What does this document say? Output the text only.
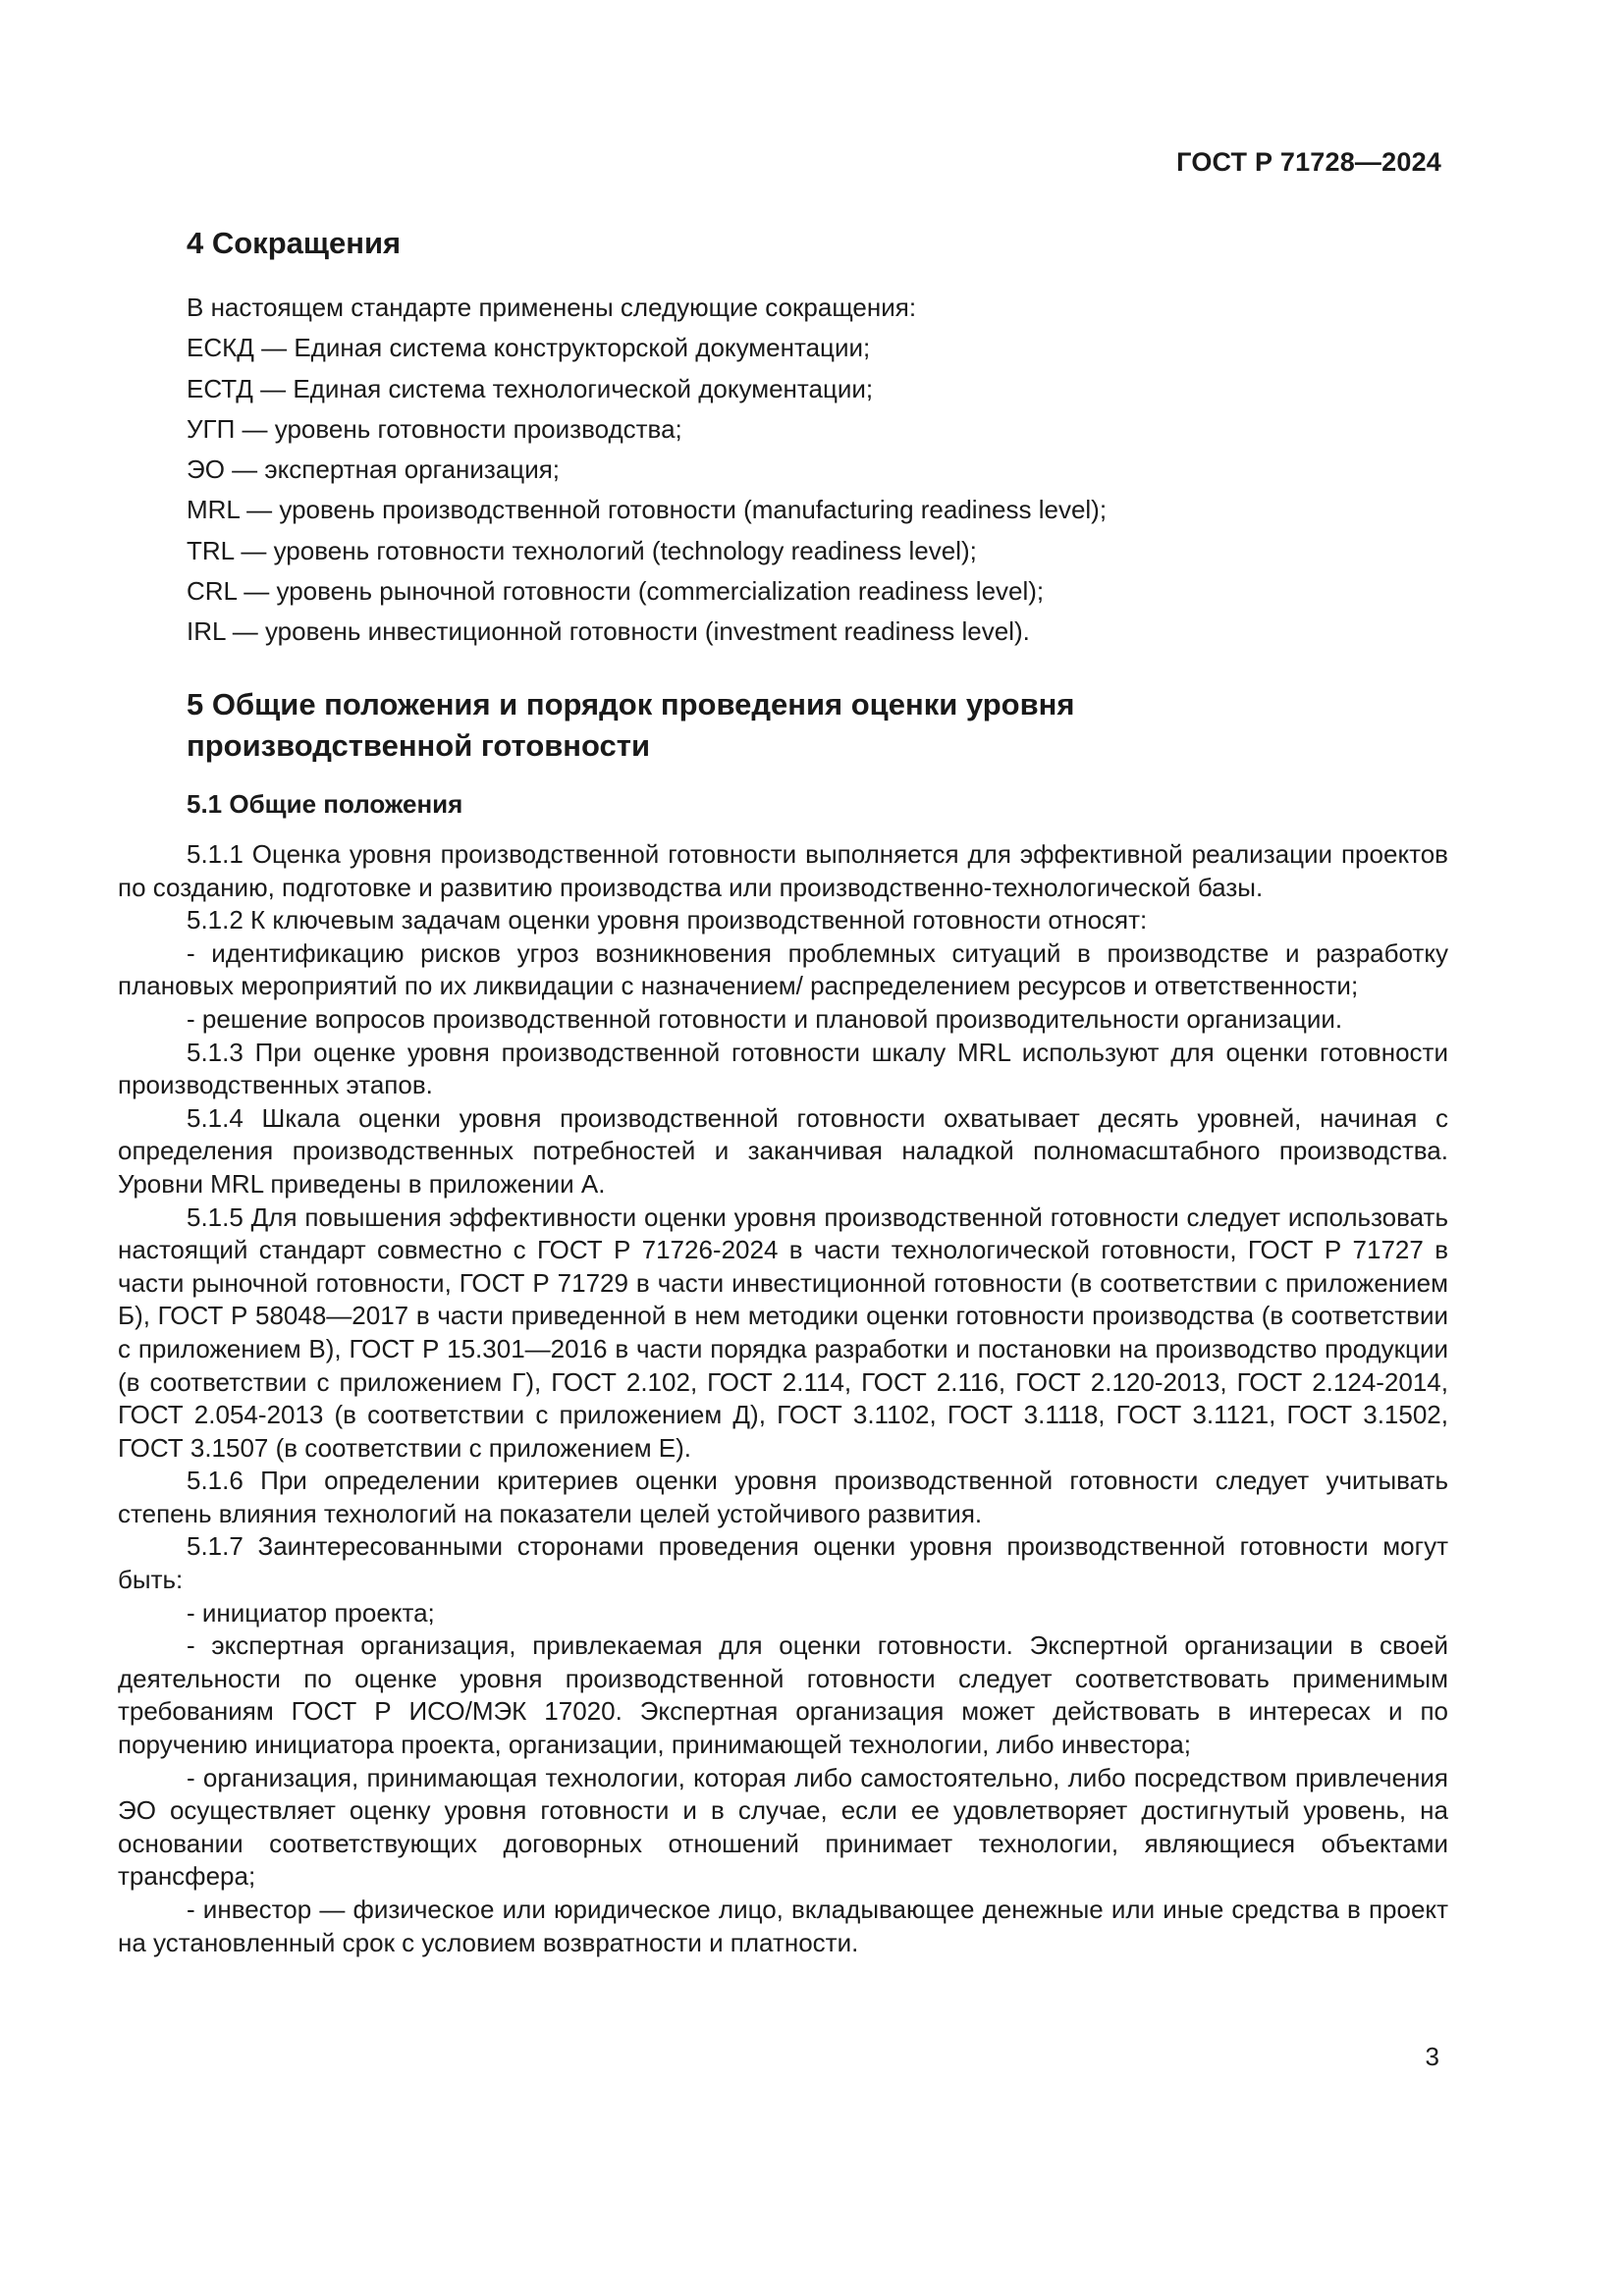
ГОСТ Р 71728—2024
4 Сокращения
В настоящем стандарте применены следующие сокращения:
ЕСКД — Единая система конструкторской документации;
ЕСТД — Единая система технологической документации;
УГП — уровень готовности производства;
ЭО — экспертная организация;
MRL — уровень производственной готовности (manufacturing readiness level);
TRL — уровень готовности технологий (technology readiness level);
CRL — уровень рыночной готовности (commercialization readiness level);
IRL — уровень инвестиционной готовности (investment readiness level).
5 Общие положения и порядок проведения оценки уровня
производственной готовности
5.1 Общие положения

5.1.1 Оценка уровня производственной готовности выполняется для эффективной реализации проектов по созданию, подготовке и развитию производства или производственно-технологической базы.

5.1.2 К ключевым задачам оценки уровня производственной готовности относят:

- идентификацию рисков угроз возникновения проблемных ситуаций в производстве и разработку плановых мероприятий по их ликвидации с назначением/ распределением ресурсов и ответственности;

- решение вопросов производственной готовности и плановой производительности организации.

5.1.3 При оценке уровня производственной готовности шкалу MRL используют для оценки готовности производственных этапов.

5.1.4 Шкала оценки уровня производственной готовности охватывает десять уровней, начиная с определения производственных потребностей и заканчивая наладкой полномасштабного производства. Уровни MRL приведены в приложении А.

5.1.5 Для повышения эффективности оценки уровня производственной готовности следует использовать настоящий стандарт совместно с ГОСТ Р 71726-2024 в части технологической готовности, ГОСТ Р 71727 в части рыночной готовности, ГОСТ Р 71729 в части инвестиционной готовности (в соответствии с приложением Б), ГОСТ Р 58048—2017 в части приведенной в нем методики оценки готовности производства (в соответствии с приложением В), ГОСТ Р 15.301—2016 в части порядка разработки и постановки на производство продукции (в соответствии с приложением Г), ГОСТ 2.102, ГОСТ 2.114, ГОСТ 2.116, ГОСТ 2.120-2013, ГОСТ 2.124-2014, ГОСТ 2.054-2013 (в соответствии с приложением Д), ГОСТ 3.1102, ГОСТ 3.1118, ГОСТ 3.1121, ГОСТ 3.1502, ГОСТ 3.1507 (в соответствии с приложением Е).

5.1.6 При определении критериев оценки уровня производственной готовности следует учитывать степень влияния технологий на показатели целей устойчивого развития.

5.1.7 Заинтересованными сторонами проведения оценки уровня производственной готовности могут быть:

- инициатор проекта;

- экспертная организация, привлекаемая для оценки готовности. Экспертной организации в своей деятельности по оценке уровня производственной готовности следует соответствовать применимым требованиям ГОСТ Р ИСО/МЭК 17020. Экспертная организация может действовать в интересах и по поручению инициатора проекта, организации, принимающей технологии, либо инвестора;

- организация, принимающая технологии, которая либо самостоятельно, либо посредством привлечения ЭО осуществляет оценку уровня готовности и в случае, если ее удовлетворяет достигнутый уровень, на основании соответствующих договорных отношений принимает технологии, являющиеся объектами трансфера;

- инвестор — физическое или юридическое лицо, вкладывающее денежные или иные средства в проект на установленный срок с условием возвратности и платности.

3
